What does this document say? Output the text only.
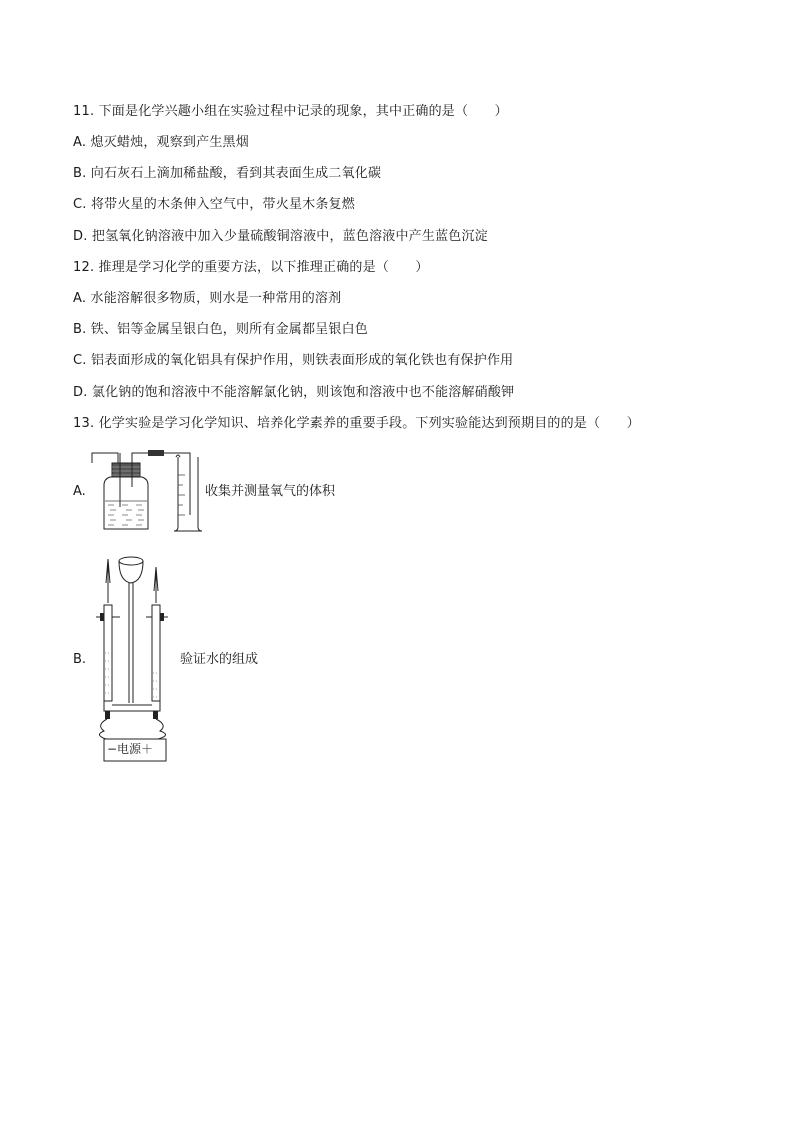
11. 下面是化学兴趣小组在实验过程中记录的现象，其中正确的是（　　）
A. 熄灭蜡烛，观察到产生黑烟
B. 向石灰石上滴加稀盐酸，看到其表面生成二氧化碳
C. 将带火星的木条伸入空气中，带火星木条复燃
D. 把氢氧化钠溶液中加入少量硫酸铜溶液中，蓝色溶液中产生蓝色沉淀
12. 推理是学习化学的重要方法，以下推理正确的是（　　）
A. 水能溶解很多物质，则水是一种常用的溶剂
B. 铁、铝等金属呈银白色，则所有金属都呈银白色
C. 铝表面形成的氧化铝具有保护作用，则铁表面形成的氧化铁也有保护作用
D. 氯化钠的饱和溶液中不能溶解氯化钠，则该饱和溶液中也不能溶解硝酸钾
13. 化学实验是学习化学知识、培养化学素养的重要手段。下列实验能达到预期目的的是（　　）
A.	收集并测量氧气的体积
B.
−电源＋
验证水的组成
